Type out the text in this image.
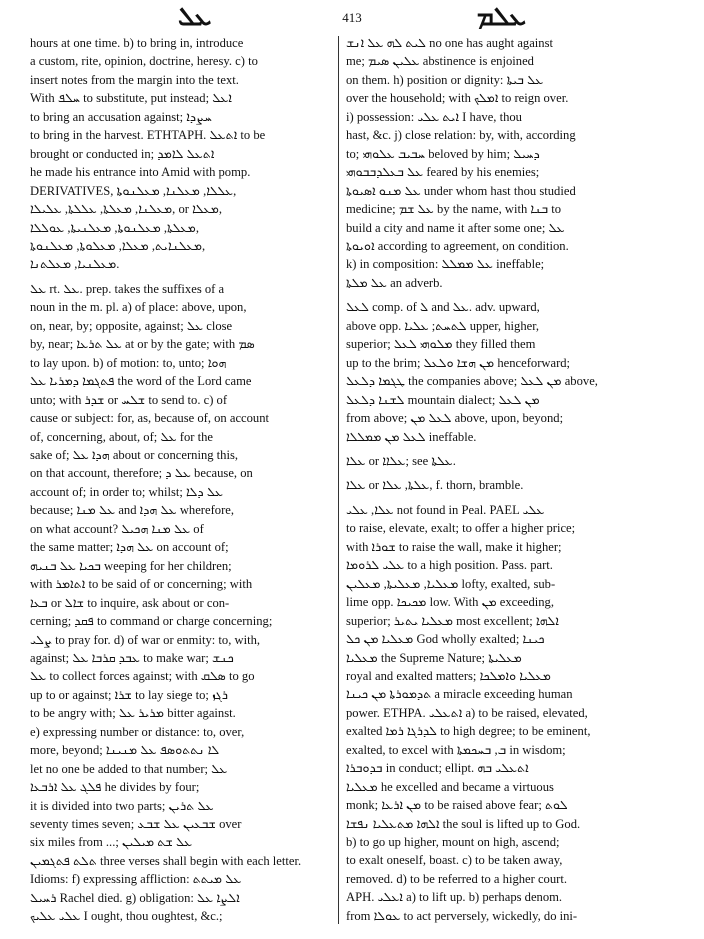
ܥܠ	413	ܥܠܡ
hours at one time. b) to bring in, introduce
a custom, rite, opinion, doctrine, heresy. c) to
insert notes from the margin into the text.
With ܚܠܦ to substitute, put instead; ܐܥܠ
to bring an accusation against; ܚܨܕܐ
to bring in the harvest. ETHTAPH. ܐܬܥܠ to be
brought or conducted in; ܐܬܥܠ ܠܐܡܕ
he made his entrance into Amid with pomp.
DERIVATIVES, ܥܠܠܐ, ܡܥܠܢܐ, ܡܥܠܢܘܬܐ,
ܡܥܠܢܐ, ܡܥܠܬܐ, ܥܠܠܬܐ, ܥܠܝܠܐ, or ܡܥܠܐ,
ܡܥܠܬܐ, ܡܥܠܢܘܬܐ, ܡܥܠܢܝܬܐ, ܥܘܠܠܐ,
ܡܥܠܢܐܝܬ, ܡܥܠܐ, ܡܥܠܘܬܐ, ܡܥܠܢܘܬܐ,
ܡܥܠܢܝܐ, ܡܥܠܬܢܐ.
ܥܠ rt. ܥܠ. prep. takes the suffixes of a
noun in the m. pl. a) of place: above, upon,
on, near, by; opposite, against; ܥܠ close
by, near; ܥܠ ܬܪܥܐ at or by the gate; with ܣܡ
to lay upon. b) of motion: to, unto; ܗܘܐ
ܦܬܓܡܐ ܕܡܪܝܐ ܥܠ the word of the Lord came
unto; with ܫܕܪ or ܫܠܚ to send to. c) of
cause or subject: for, as, because of, on account
of, concerning, about, of; ܥܠ for the
sake of; ܗܕܐ ܥܠ about or concerning this,
on that account, therefore; ܥܠ ܕ because, on
account of; in order to; whilst; ܥܠ ܕܠܐ
because; ܥܠ ܡܢܐ and ܥܠ ܗܕܐ wherefore,
on what account? ܥܠ ܡܢܐ ܗܟܝܠ of
the same matter; ܥܠ ܗܕܐ on account of;
ܒܟܝܐ ܥܠ ܒܢܝܗ weeping for her children;
with ܐܬܐܡܪ to be said of or concerning; with
ܒܥܐ or ܫܐܠ to inquire, ask about or con-
cerning; ܦܩܕ to command or charge concerning;
ܨܠܝ to pray for. d) of war or enmity: to, with,
against; ܥܒܕ ܩܪܒܐ ܥܠ to make war; ܟܢܫ
ܥܠ to collect forces against; with ܣܠܩ to go
up to or against; ܫܪܐ to lay siege to; ܪܓܙ
to be angry with; ܡܪܝܪ ܥܠ bitter against.
e) expressing number or distance: to, over,
more, beyond; ܠܐ ܢܬܬܘܣܦ ܥܠ ܡܢܝܢܐ
let no one be added to that number; ܥܠ
ܦܠܓ ܥܠ ܐܪܒܥܐ he divides by four;
it is divided into two parts; ܥܠ ܬܪܝܢ
seventy times seven; ܫܒܥܝܢ ܥܠ ܫܒܥ over
six miles from ...; ܥܠ ܫܬ ܡܝܠܝܢ
ܬܠܬ ܦܬܓܡܝܢ three verses shall begin with each letter.
Idioms: f) expressing affliction: ܥܠ ܡܝܬܬ
ܪܚܝܠ Rachel died. g) obligation: ܐܠܨܐ ܥܠ
ܥܠܝ ܥܠܝܟ I ought, thou oughtest, &c.;
ܠܝܬ ܠܗ ܥܠ ܐܢܫ no one has aught against
me; ܥܠܝܢ ܣܝܡ abstinence is enjoined
on them. h) position or dignity: ܥܠ ܒܝܬܐ
over the household; with ܐܡܠܟ to reign over.
i) possession: ܐܝܬ ܥܠܝ I have, thou
hast, &c. j) close relation: by, with, according
to; ܚܒܝܒ ܥܠܘܗܝ beloved by him; ܕܚܝܠ
ܥܠ ܒܥܠܕܒܒܘܗܝ feared by his enemies;
ܥܠ ܡܢܘ ܐܣܝܘܬܐ under whom hast thou studied
medicine; ܥܠ ܫܡ by the name, with ܒܢܐ to
build a city and name it after some one; ܥܠ
ܐܘܝܘܬܐ according to agreement, on condition.
k) in composition: ܥܠ ܡܡܠܠ ineffable;
ܥܠ ܡܠܬܐ an adverb.
ܠܥܠ comp. of ܠ and ܥܠ. adv. upward,
above opp. ܠܬܚܬ; ܥܠܝܐ upper, higher,
superior; ܡܠܘܗܝ ܠܥܠ they filled them
up to the brim; ܡܢ ܗܫܐ ܘܠܥܠ henceforward;
ܛܓܡܐ ܕܠܥܠ the companies above; ܡܢ ܠܥܠ above,
ܠܫܢܐ ܕܠܥܠ mountain dialect; ܡܢ ܠܥܠ
from above; ܠܥܠ ܡܢ above, upon, beyond;
ܠܥܠ ܡܢ ܡܡܠܠܐ ineffable.
ܥܠܐ or ܥܠܐܐ; see ܥܠܬܐ.
ܥܠܐ or ܥܠܬܐ, ܥܠܐ, f. thorn, bramble.
ܥܠܐ, ܥܠܝ not found in Peal. PAEL ܥܠܝ
to raise, elevate, exalt; to offer a higher price;
with ܫܘܪܐ to raise the wall, make it higher;
ܥܠܝ ܠܪܘܡܐ to a high position. Pass. part.
ܡܥܠܝܐ, ܡܥܠܝܬܐ, ܡܥܠܝܢ lofty, exalted, sub-
lime opp. ܡܟܝܟܐ low. With ܡܢ exceeding,
superior; ܡܥܠܝܐ ܝܬܝܪ most excellent; ܐܠܗܐ
ܡܥܠܝܐ ܡܢ ܟܠ God wholly exalted; ܟܝܢܐ
ܡܥܠܝܐ the Supreme Nature; ܡܥܠܝܬܐ
royal and exalted matters; ܡܥܠܝܐ ܘܐܡܠܟܐ
ܬܕܡܘܪܬܐ ܡܢ ܟܝܢܐ a miracle exceeding human
power. ETHPA. ܐܬܥܠܝ a) to be raised, elevated,
exalted ܠܕܪܓܐ ܪܡܐ to high degree; to be eminent,
exalted, to excel with ܒ, ܒܚܟܡܬܐ in wisdom;
ܒܕܘܒܪܐ in conduct; ellipt. ܐܬܥܠܝ ܒܗ
ܡܥܠܝܐ he excelled and became a virtuous
monk; ܡܢ ܐܪܥܐ to be raised above fear; ܠܘܬ
ܐܠܗܐ ܡܬܥܠܝܐ ܢܦܫܐ the soul is lifted up to God.
b) to go up higher, mount on high, ascend;
to exalt oneself, boast. c) to be taken away,
removed. d) to be referred to a higher court.
APH. ܐܥܠܝ a) to lift up. b) perhaps denom.
from ܥܘܠܐ to act perversely, wickedly, do ini-
